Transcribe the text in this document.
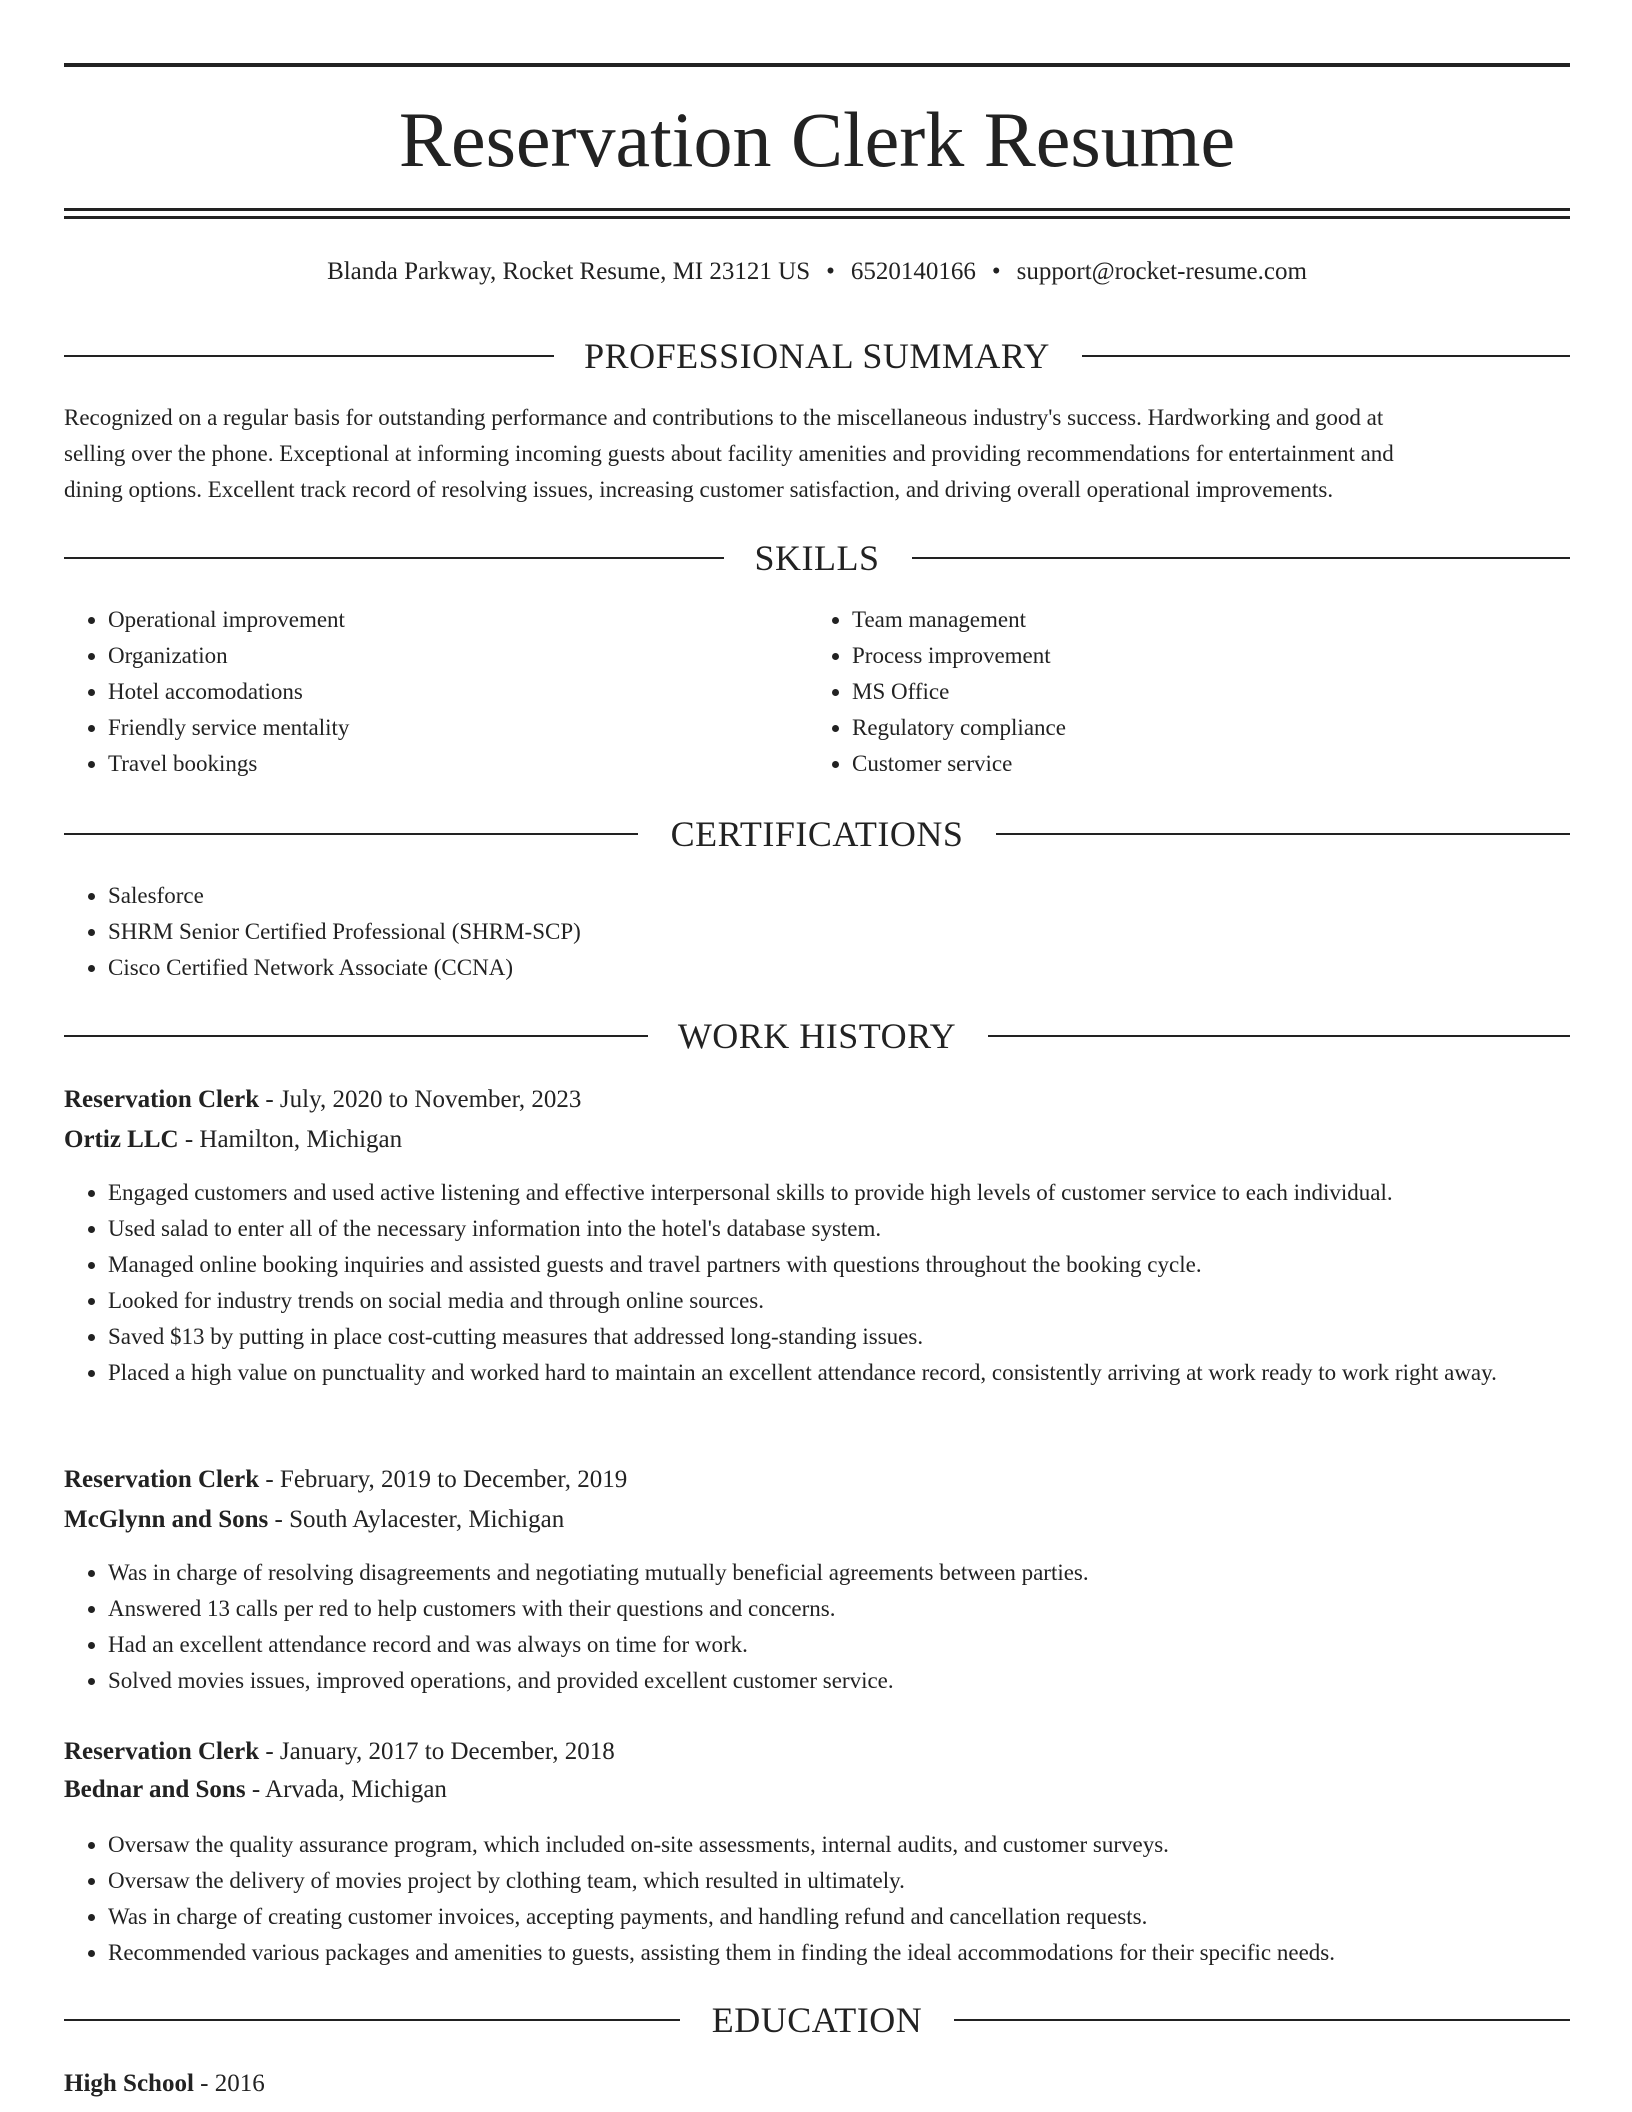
Reservation Clerk Resume
Blanda Parkway, Rocket Resume, MI 23121 US • 6520140166 • support@rocket-resume.com
PROFESSIONAL SUMMARY
Recognized on a regular basis for outstanding performance and contributions to the miscellaneous industry's success. Hardworking and good at
selling over the phone. Exceptional at informing incoming guests about facility amenities and providing recommendations for entertainment and
dining options. Excellent track record of resolving issues, increasing customer satisfaction, and driving overall operational improvements.
SKILLS
• Operational improvement
• Organization
• Hotel accomodations
• Friendly service mentality
• Travel bookings
• Team management
• Process improvement
• MS Office
• Regulatory compliance
• Customer service
CERTIFICATIONS
• Salesforce
• SHRM Senior Certified Professional (SHRM-SCP)
• Cisco Certified Network Associate (CCNA)
WORK HISTORY
Reservation Clerk - July, 2020 to November, 2023
Ortiz LLC - Hamilton, Michigan
• Engaged customers and used active listening and effective interpersonal skills to provide high levels of customer service to each individual.
• Used salad to enter all of the necessary information into the hotel's database system.
• Managed online booking inquiries and assisted guests and travel partners with questions throughout the booking cycle.
• Looked for industry trends on social media and through online sources.
• Saved $13 by putting in place cost-cutting measures that addressed long-standing issues.
• Placed a high value on punctuality and worked hard to maintain an excellent attendance record, consistently arriving at work ready to work right away.
Reservation Clerk - February, 2019 to December, 2019
McGlynn and Sons - South Aylacester, Michigan
• Was in charge of resolving disagreements and negotiating mutually beneficial agreements between parties.
• Answered 13 calls per red to help customers with their questions and concerns.
• Had an excellent attendance record and was always on time for work.
• Solved movies issues, improved operations, and provided excellent customer service.
Reservation Clerk - January, 2017 to December, 2018
Bednar and Sons - Arvada, Michigan
• Oversaw the quality assurance program, which included on-site assessments, internal audits, and customer surveys.
• Oversaw the delivery of movies project by clothing team, which resulted in ultimately.
• Was in charge of creating customer invoices, accepting payments, and handling refund and cancellation requests.
• Recommended various packages and amenities to guests, assisting them in finding the ideal accommodations for their specific needs.
EDUCATION
High School - 2016
